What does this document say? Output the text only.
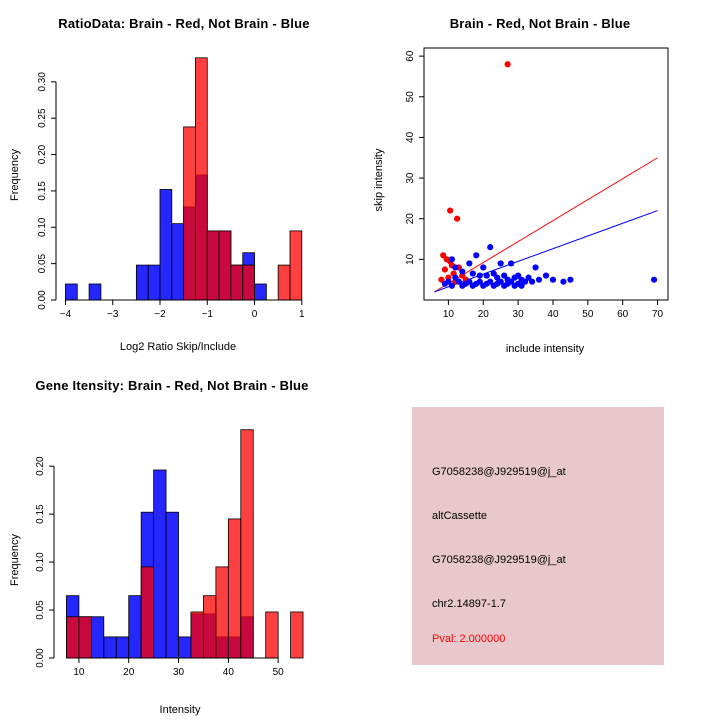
RatioData: Brain - Red, Not Brain - Blue
0.00
0.05
0.10
0.15
0.20
0.25
0.30
−4	−3	−2	−1	0	1
Frequency
Log2 Ratio Skip/Include
Brain - Red, Not Brain - Blue
10 20 30 40 50 60 70
10
20
30
40
50
60
skip intensity
include intensity
Gene Itensity: Brain - Red, Not Brain - Blue
0.00
0.05
0.10
0.15
0.20
10	20	30	40	50
Frequency
Intensity
G7058238@J929519@j_at
altCassette
G7058238@J929519@j_at
chr2.14897-1.7
Pval: 2.000000
